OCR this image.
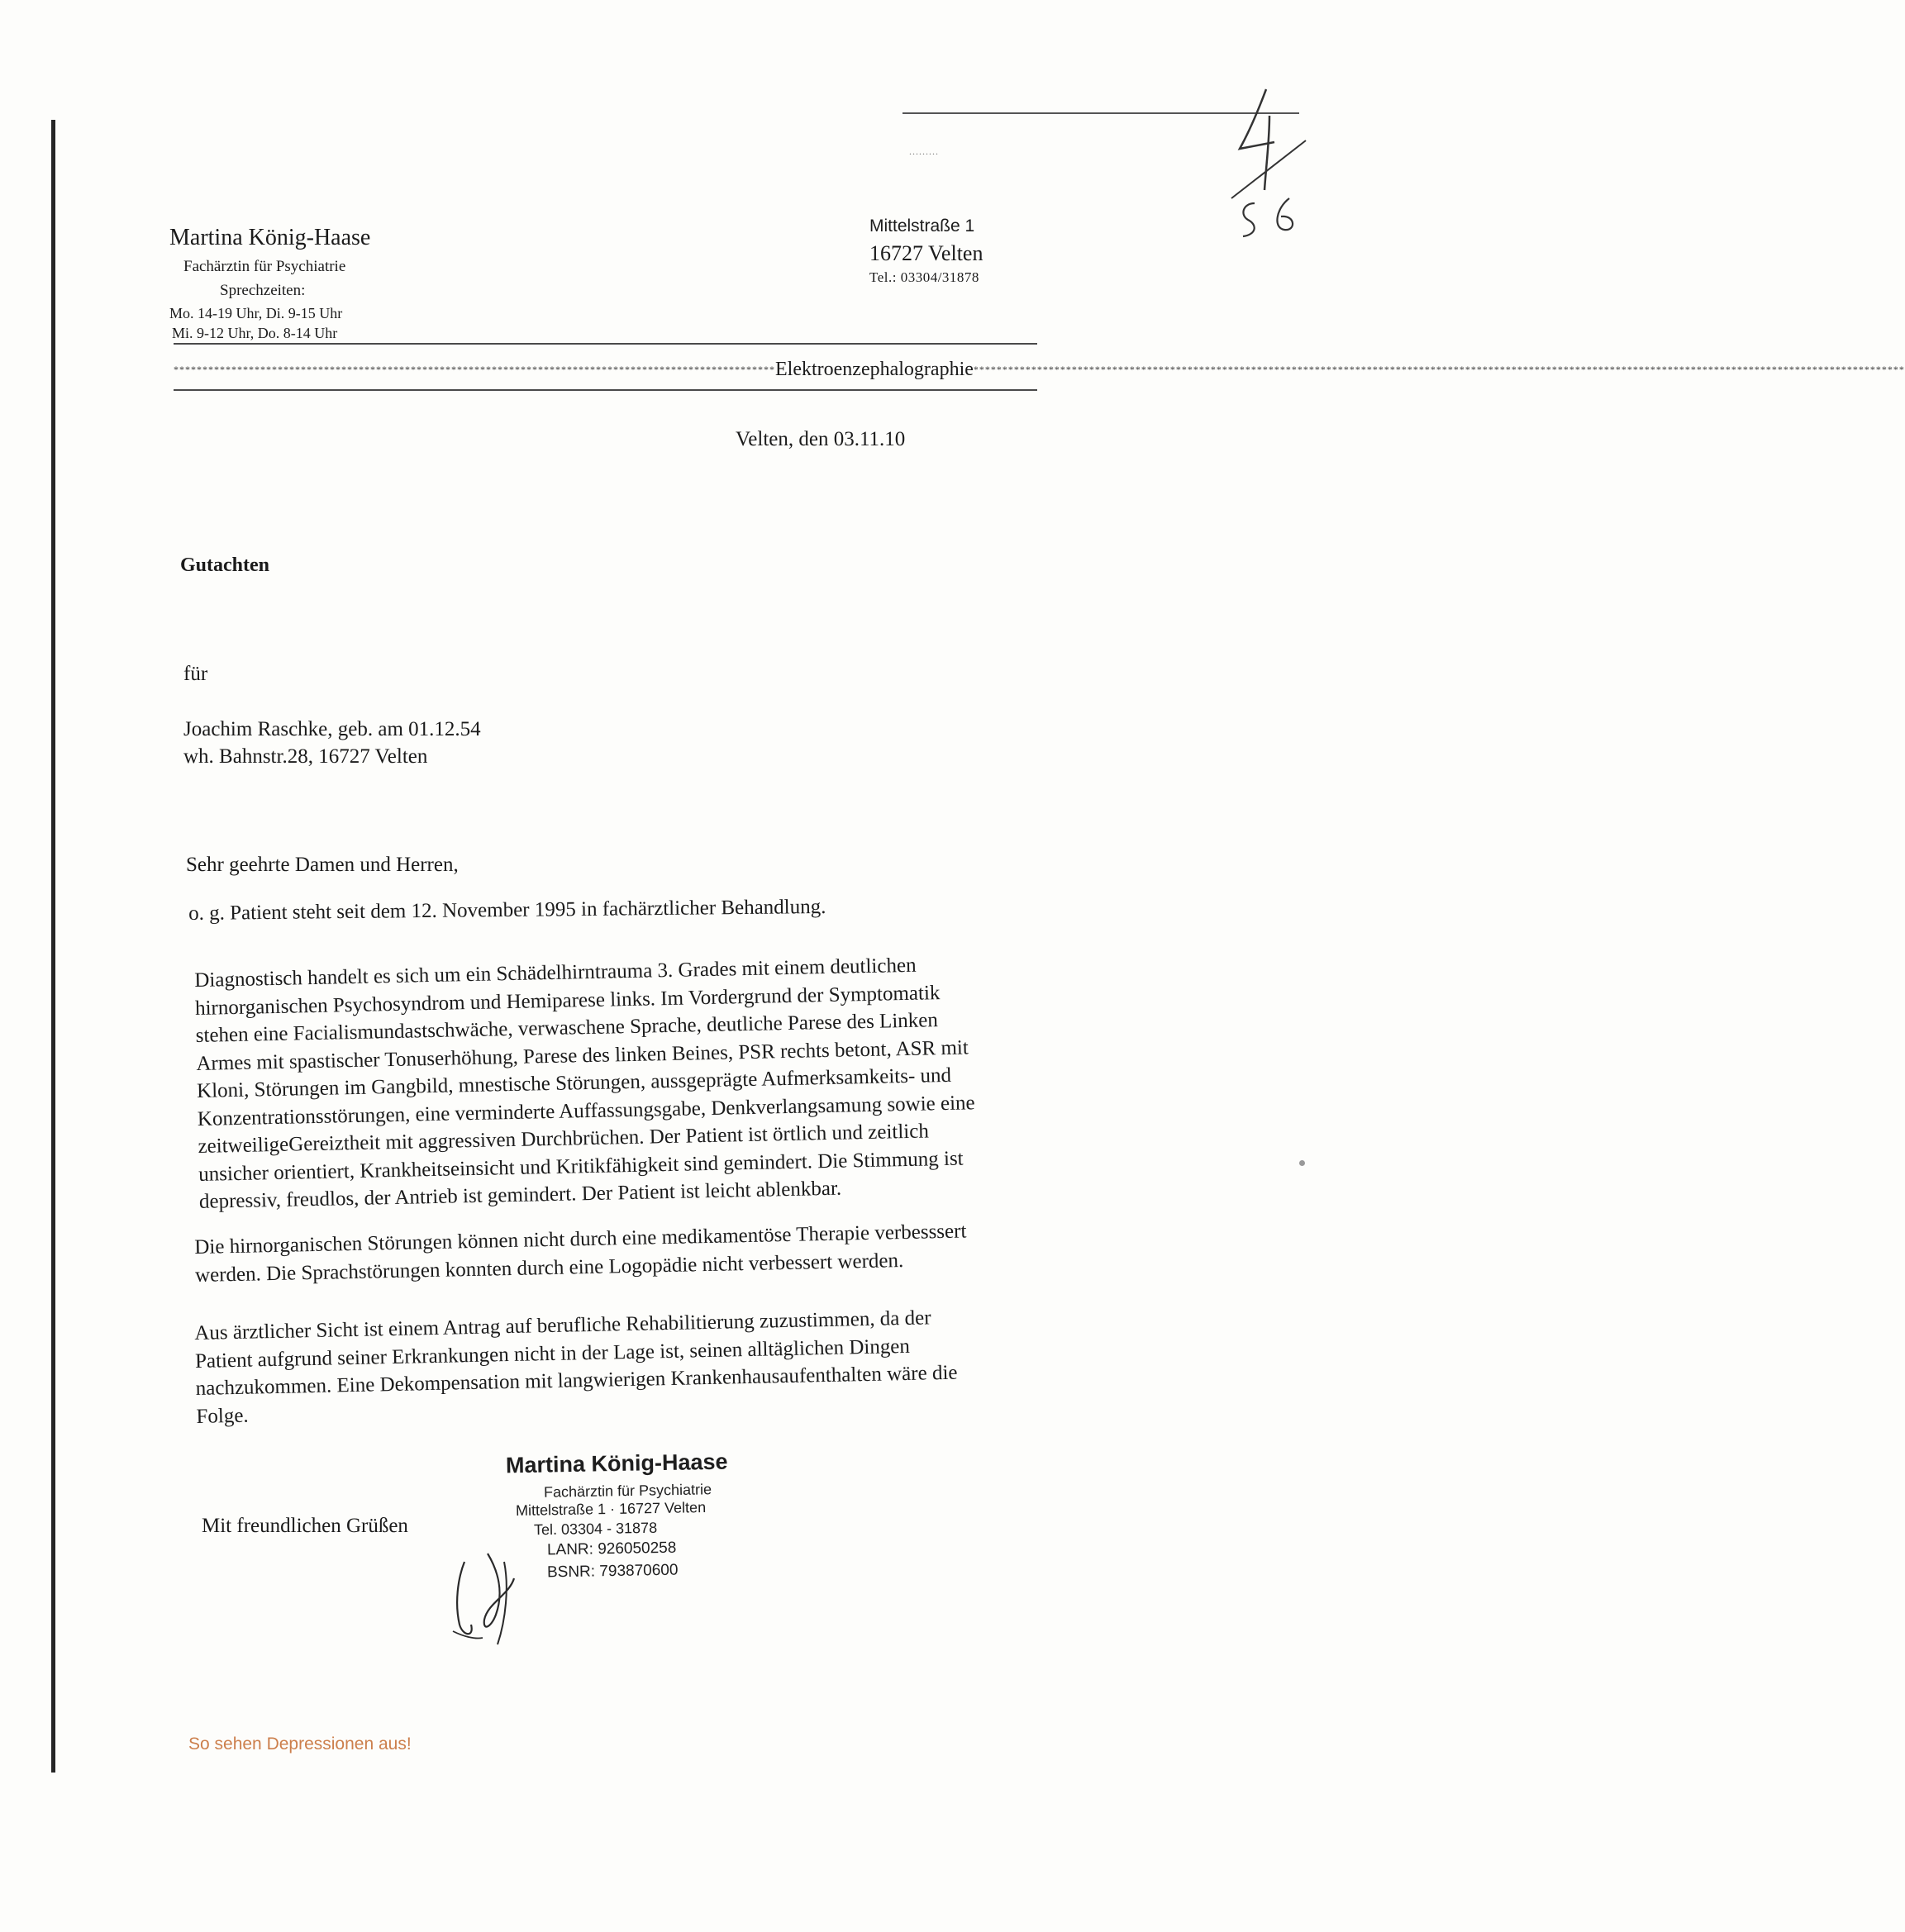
.........
Martina König-Haase
Fachärztin für Psychiatrie
Sprechzeiten:
Mo. 14-19 Uhr, Di. 9-15 Uhr
Mi. 9-12 Uhr, Do. 8-14 Uhr
Mittelstraße 1
16727 Velten
Tel.: 03304/31878
******************************************************************************************************** Elektroenzephalographie *****************************************************************************************************************************************************************
Velten, den 03.11.10
Gutachten
für
Joachim Raschke, geb. am 01.12.54
wh. Bahnstr.28, 16727 Velten
Sehr geehrte Damen und Herren,
o. g. Patient steht seit dem 12. November 1995 in fachärztlicher Behandlung.
Diagnostisch handelt es sich um ein Schädelhirntrauma 3. Grades mit einem deutlichen
hirnorganischen Psychosyndrom und Hemiparese links. Im Vordergrund der Symptomatik
stehen eine Facialismundastschwäche, verwaschene Sprache, deutliche Parese des Linken
Armes mit spastischer Tonuserhöhung, Parese des linken Beines, PSR rechts betont, ASR mit
Kloni, Störungen im Gangbild, mnestische Störungen, aussgeprägte Aufmerksamkeits- und
Konzentrationsstörungen, eine verminderte Auffassungsgabe, Denkverlangsamung sowie eine
zeitweiligeGereiztheit mit aggressiven Durchbrüchen. Der Patient ist örtlich und zeitlich
unsicher orientiert, Krankheitseinsicht und Kritikfähigkeit sind gemindert. Die Stimmung ist
depressiv, freudlos, der Antrieb ist gemindert. Der Patient ist leicht ablenkbar.
Die hirnorganischen Störungen können nicht durch eine medikamentöse Therapie verbesssert
werden. Die Sprachstörungen konnten durch eine Logopädie nicht verbessert werden.
Aus ärztlicher Sicht ist einem Antrag auf berufliche Rehabilitierung zuzustimmen, da der
Patient aufgrund seiner Erkrankungen nicht in der Lage ist, seinen alltäglichen Dingen
nachzukommen. Eine Dekompensation mit langwierigen Krankenhausaufenthalten wäre die
Folge.
Mit freundlichen Grüßen
Martina König-Haase
Fachärztin für Psychiatrie
Mittelstraße 1 · 16727 Velten
Tel. 03304 - 31878
LANR: 926050258
BSNR: 793870600
So sehen Depressionen aus!
